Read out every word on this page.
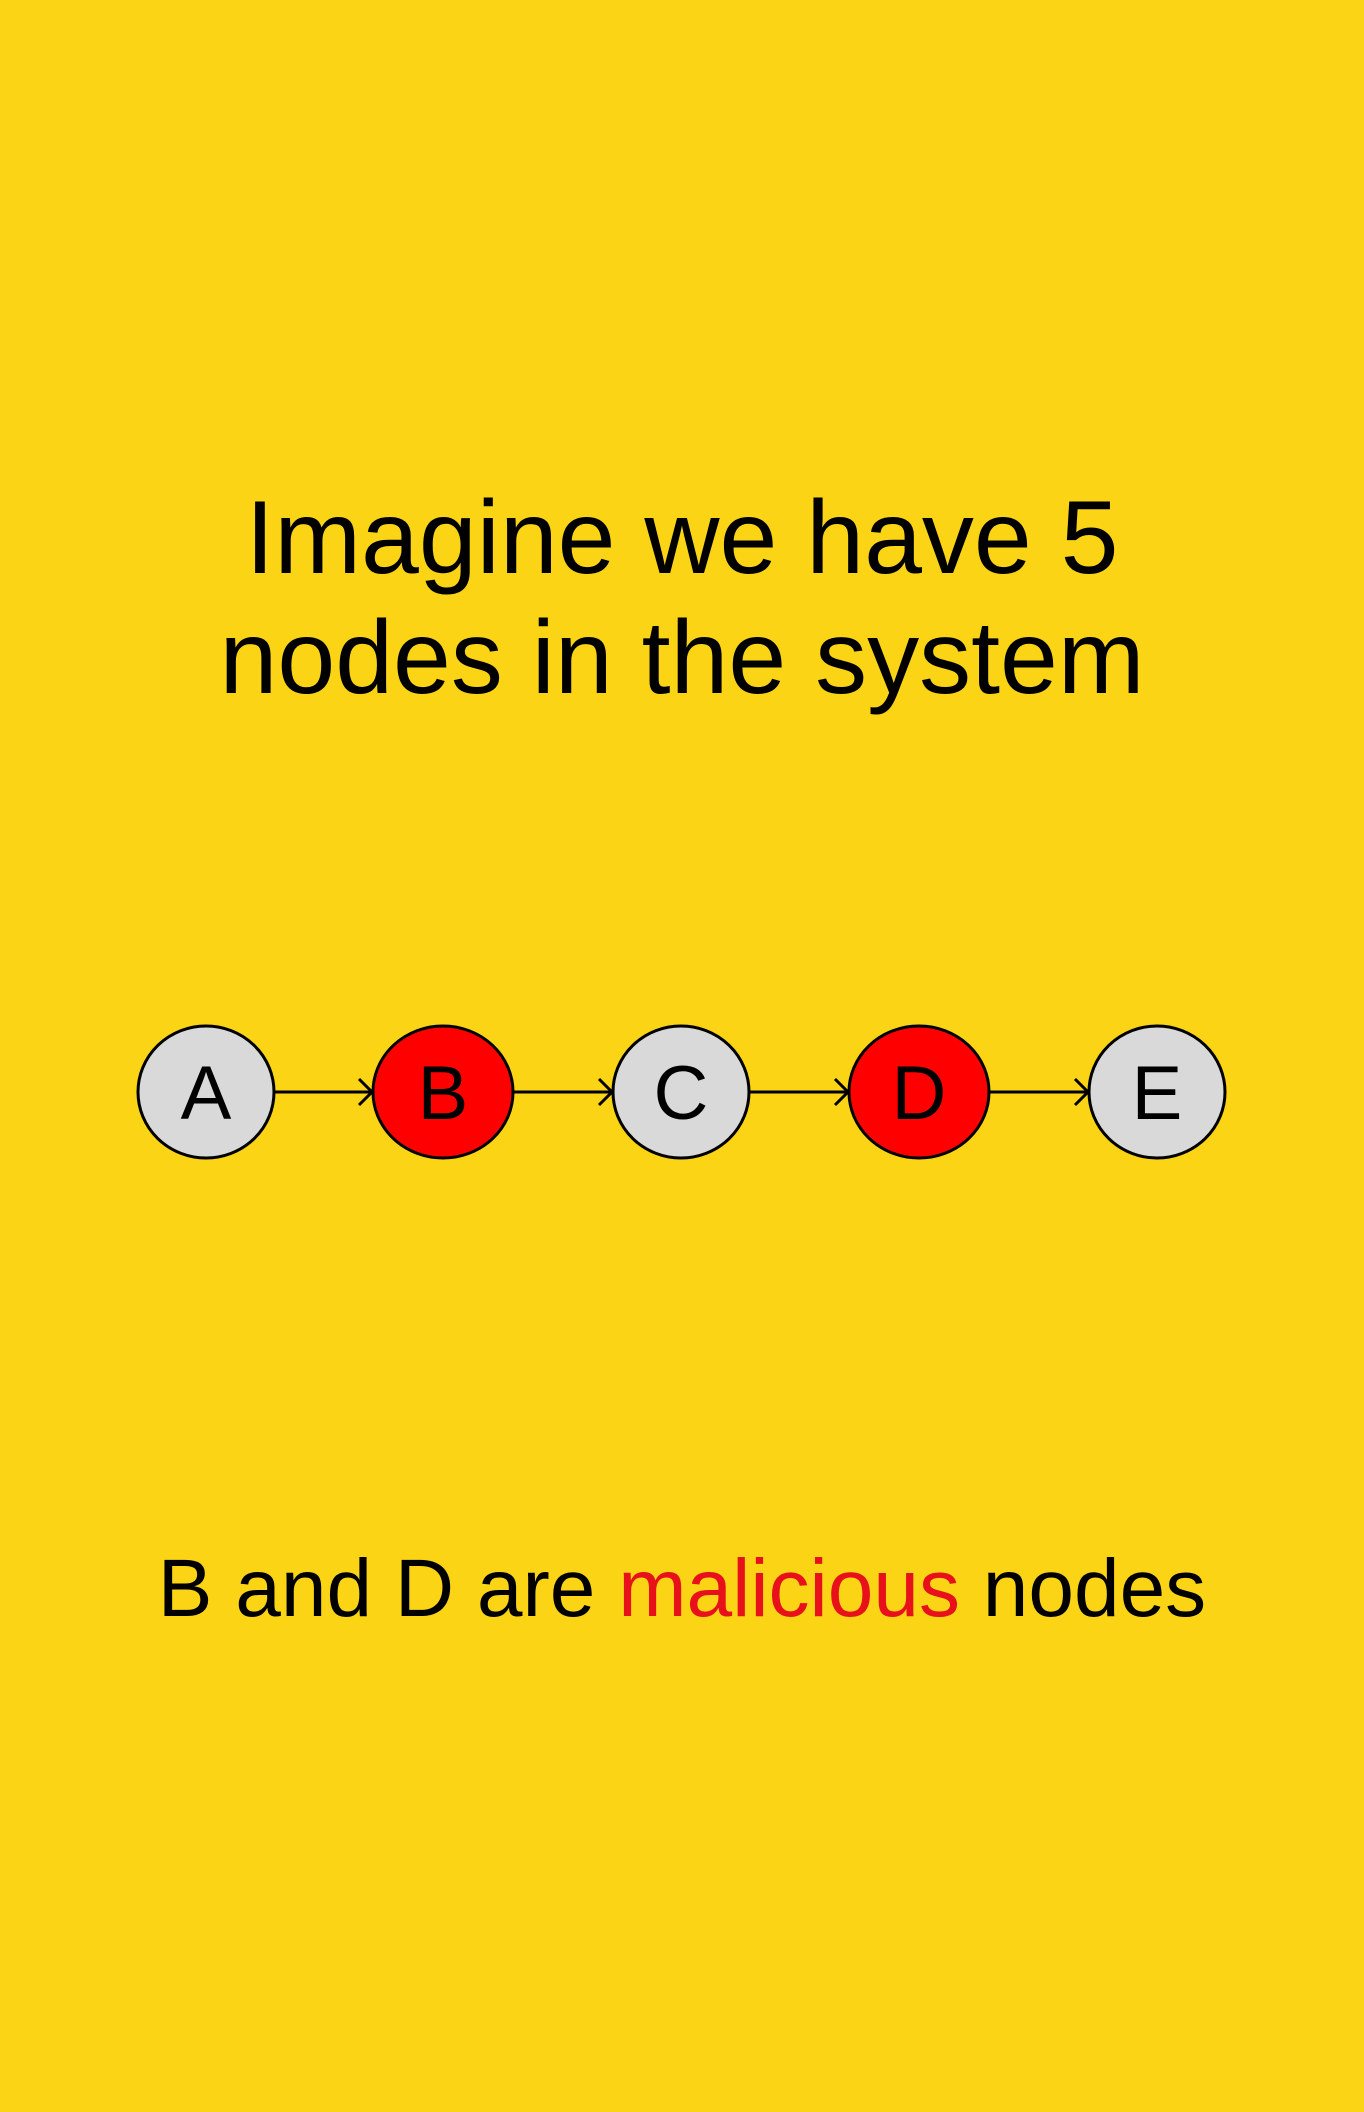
Imagine we have 5
nodes in the system
A B C D E
B and D are malicious nodes
